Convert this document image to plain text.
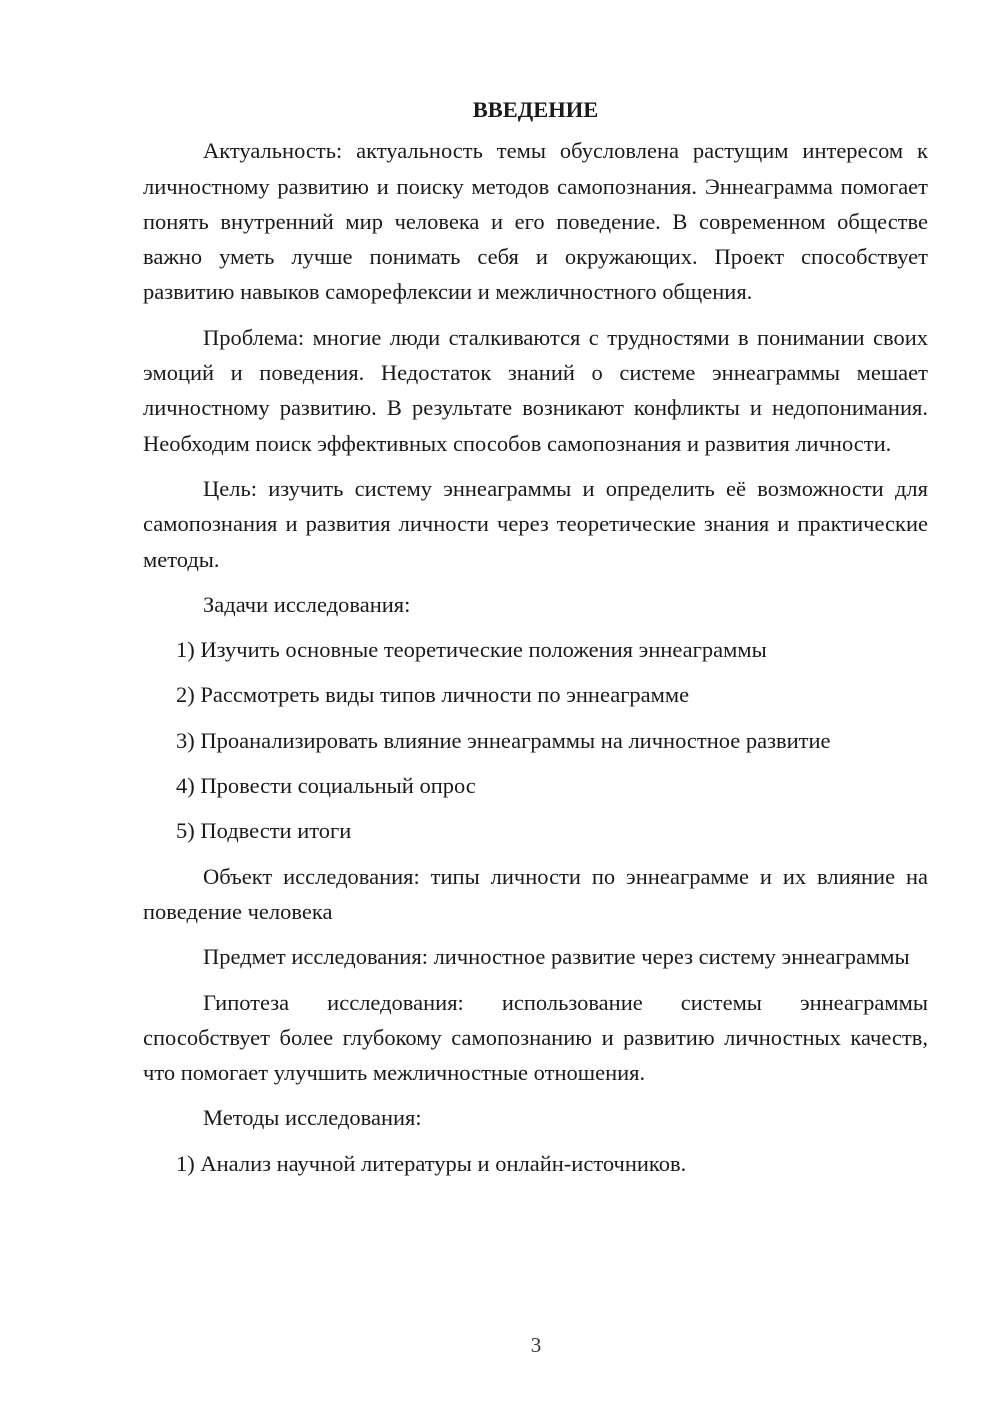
ВВЕДЕНИЕ

Актуальность: актуальность темы обусловлена растущим интересом к личностному развитию и поиску методов самопознания. Эннеаграмма помогает понять внутренний мир человека и его поведение. В современном обществе важно уметь лучше понимать себя и окружающих. Проект способствует развитию навыков саморефлексии и межличностного общения.

Проблема: многие люди сталкиваются с трудностями в понимании своих эмоций и поведения. Недостаток знаний о системе эннеаграммы мешает личностному развитию. В результате возникают конфликты и недопонимания. Необходим поиск эффективных способов самопознания и развития личности.

Цель: изучить систему эннеаграммы и определить её возможности для самопознания и развития личности через теоретические знания и практические методы.

Задачи исследования:
1) Изучить основные теоретические положения эннеаграммы
2) Рассмотреть виды типов личности по эннеаграмме
3) Проанализировать влияние эннеаграммы на личностное развитие
4) Провести социальный опрос
5) Подвести итоги

Объект исследования: типы личности по эннеаграмме и их влияние на поведение человека

Предмет исследования: личностное развитие через систему эннеаграммы

Гипотеза исследования: использование системы эннеаграммы способствует более глубокому самопознанию и развитию личностных качеств, что помогает улучшить межличностные отношения.

Методы исследования:
1) Анализ научной литературы и онлайн-источников.
3
